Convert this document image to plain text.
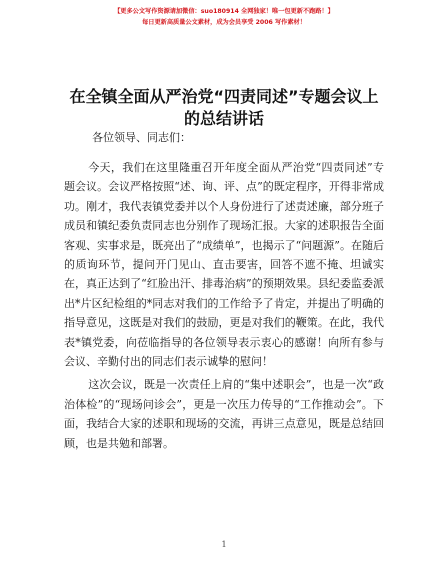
【更多公文写作资源请加微信：suo180914 全网独家！唯一包更新不跑路！】
每日更新高质量公文素材，成为会员享受 2006 写作素材！
在全镇全面从严治党“四责同述”专题会议上
的总结讲话
各位领导、同志们：

今天，我们在这里隆重召开年度全面从严治党“四责同述”专题会议。会议严格按照“述、询、评、点”的既定程序，开得非常成功。刚才，我代表镇党委并以个人身份进行了述责述廉，部分班子成员和镇纪委负责同志也分别作了现场汇报。大家的述职报告全面客观、实事求是，既亮出了“成绩单”，也揭示了“问题源”。在随后的质询环节，提问开门见山、直击要害，回答不遮不掩、坦诚实在，真正达到了“红脸出汗、排毒治病”的预期效果。县纪委监委派出*片区纪检组的*同志对我们的工作给予了肯定，并提出了明确的指导意见，这既是对我们的鼓励，更是对我们的鞭策。在此，我代表*镇党委，向莅临指导的各位领导表示衷心的感谢！向所有参与会议、辛勤付出的同志们表示诚挚的慰问！

这次会议，既是一次责任上肩的“集中述职会”，也是一次“政治体检”的“现场问诊会”，更是一次压力传导的“工作推动会”。下面，我结合大家的述职和现场的交流，再讲三点意见，既是总结回顾，也是共勉和部署。

1
